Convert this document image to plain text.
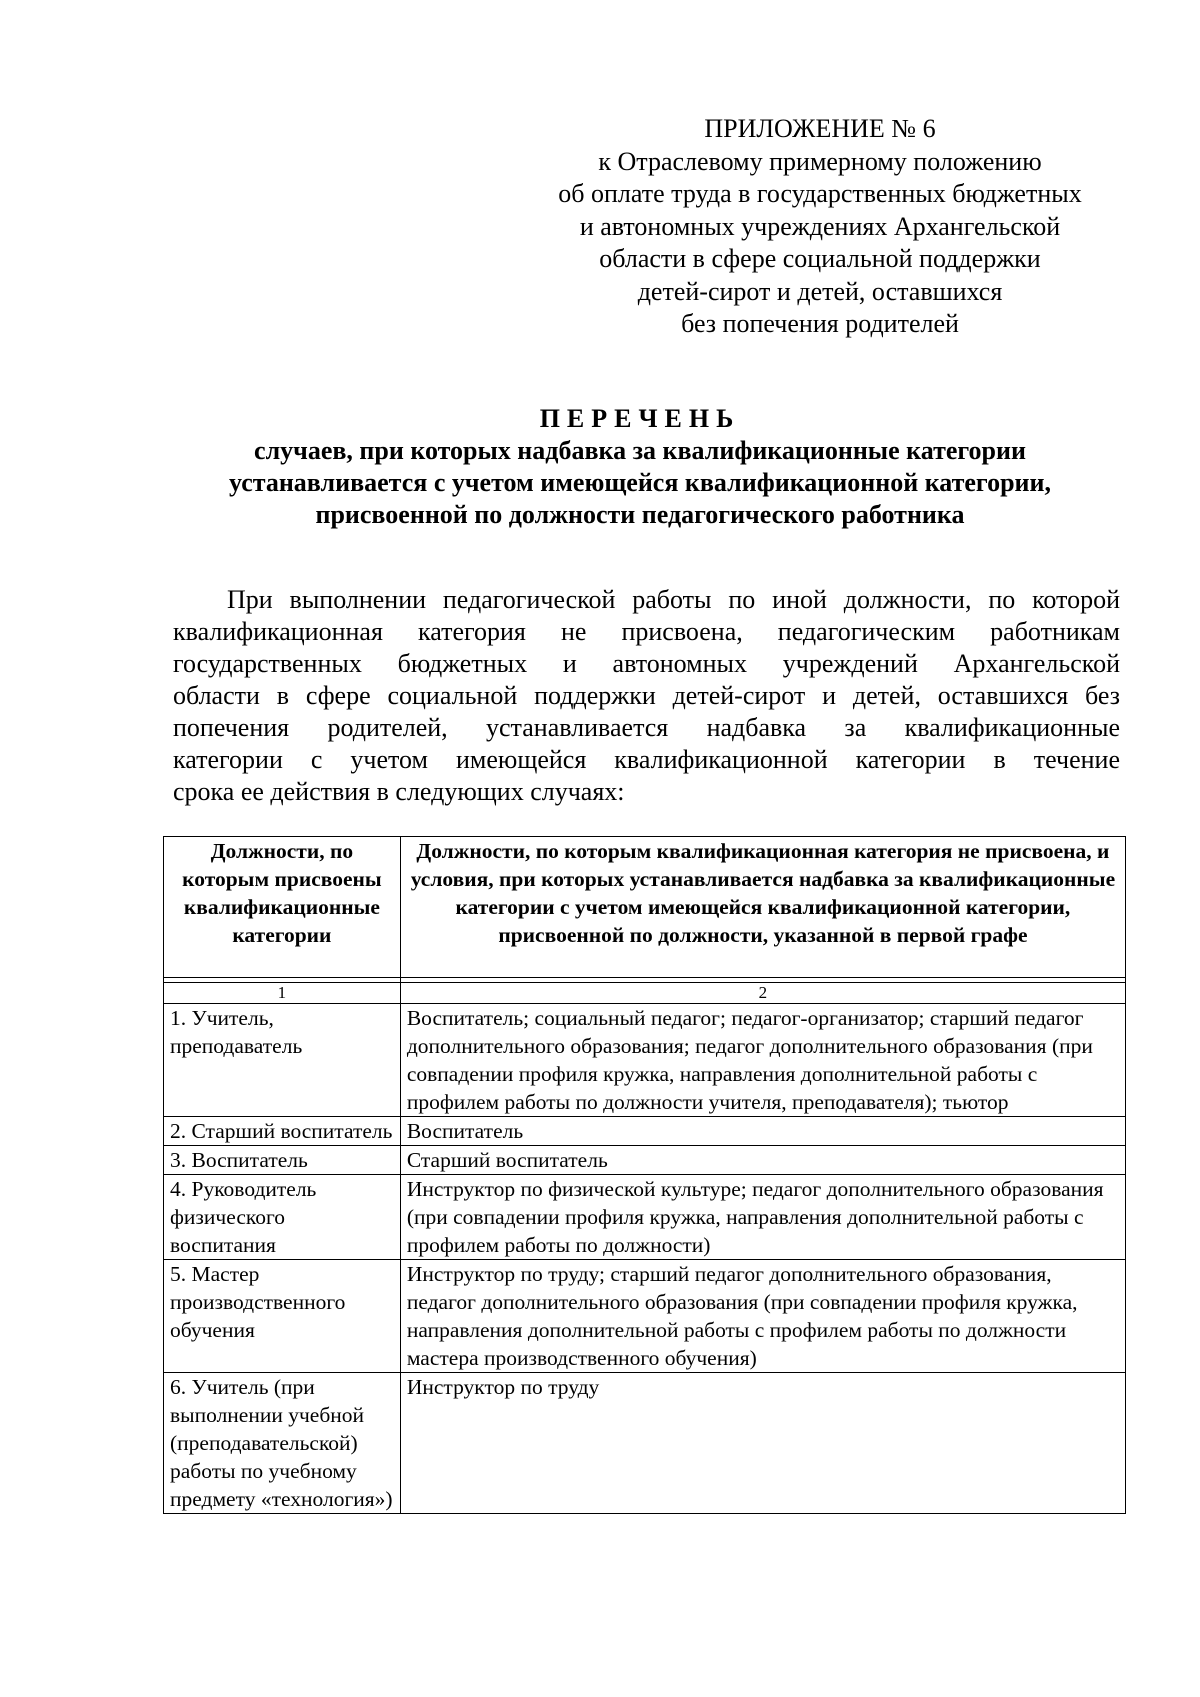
ПРИЛОЖЕНИЕ № 6
к Отраслевому примерному положению
об оплате труда в государственных бюджетных
и автономных учреждениях Архангельской
области в сфере социальной поддержки
детей-сирот и детей, оставшихся
без попечения родителей
ПЕРЕЧЕНЬ
случаев, при которых надбавка за квалификационные категории
устанавливается с учетом имеющейся квалификационной категории,
присвоенной по должности педагогического работника
При выполнении педагогической работы по иной должности, по которой
квалификационная категория не присвоена, педагогическим работникам
государственных бюджетных и автономных учреждений Архангельской
области в сфере социальной поддержки детей-сирот и детей, оставшихся без
попечения родителей, устанавливается надбавка за квалификационные
категории с учетом имеющейся квалификационной категории в течение
срока ее действия в следующих случаях:
Должности, по которым присвоены квалификационные категории	Должности, по которым квалификационная категория не присвоена, и условия, при которых устанавливается надбавка за квалификационные категории с учетом имеющейся квалификационной категории, присвоенной по должности, указанной в первой графе

1	2
1. Учитель, преподаватель	Воспитатель; социальный педагог; педагог-организатор; старший педагог дополнительного образования; педагог дополнительного образования (при совпадении профиля кружка, направления дополнительной работы с профилем работы по должности учителя, преподавателя); тьютор
2. Старший воспитатель	Воспитатель
3. Воспитатель	Старший воспитатель
4. Руководитель физического воспитания	Инструктор по физической культуре; педагог дополнительного образования (при совпадении профиля кружка, направления дополнительной работы с профилем работы по должности)
5. Мастер производственного обучения	Инструктор по труду; старший педагог дополнительного образования, педагог дополнительного образования (при совпадении профиля кружка, направления дополнительной работы с профилем работы по должности мастера производственного обучения)
6. Учитель (при выполнении учебной (преподавательской) работы по учебному предмету «технология»)	Инструктор по труду
